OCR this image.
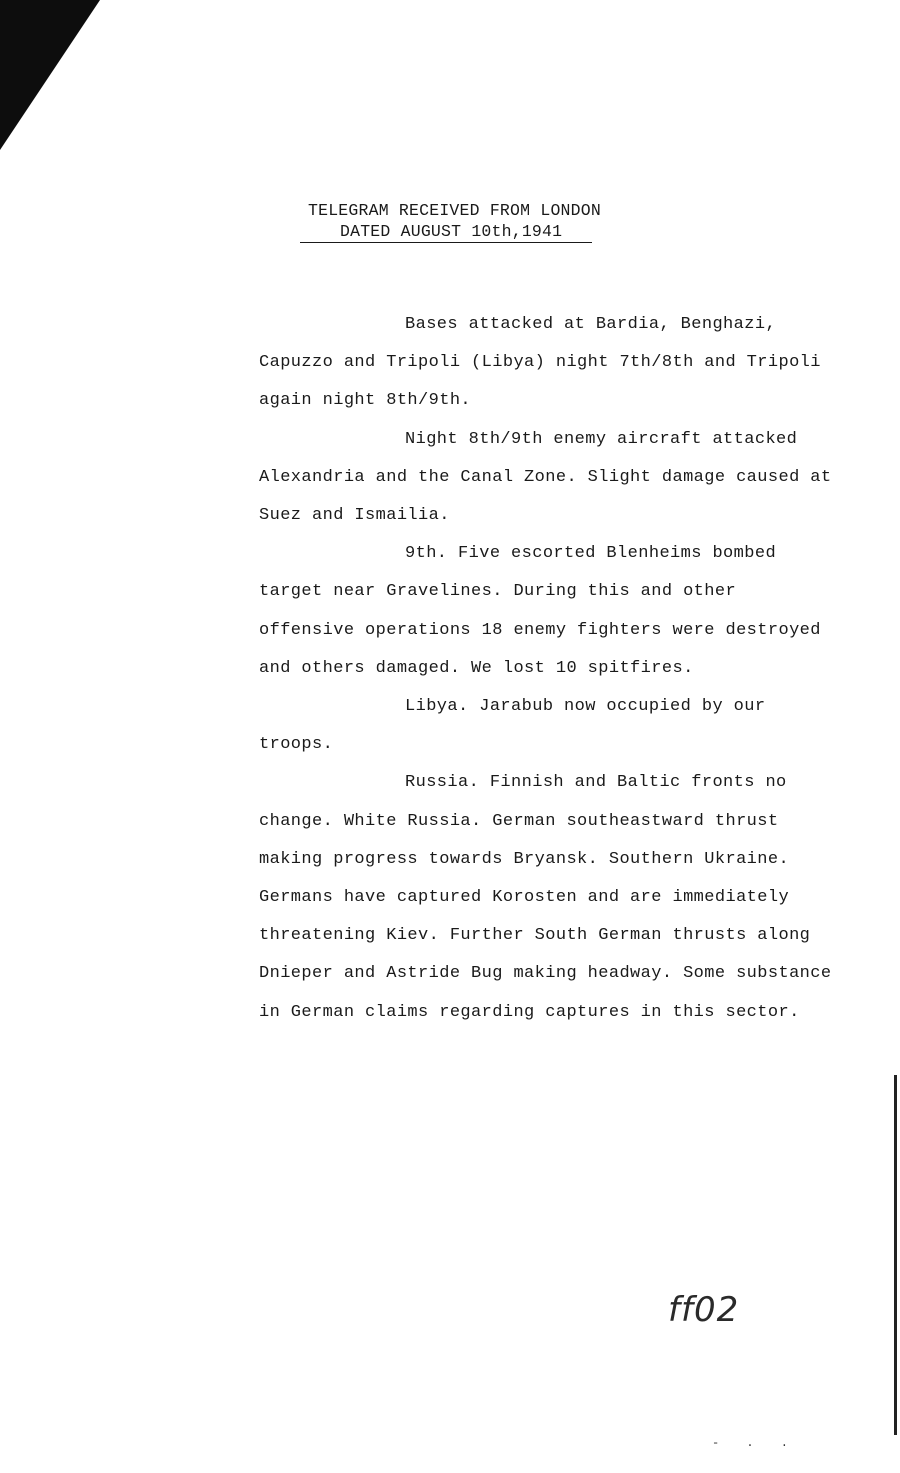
TELEGRAM RECEIVED FROM LONDON
DATED AUGUST 10th,1941

Bases attacked at Bardia, Benghazi, Capuzzo and Tripoli (Libya) night 7th/8th and Tripoli again night 8th/9th.

Night 8th/9th enemy aircraft attacked Alexandria and the Canal Zone. Slight damage caused at Suez and Ismailia.

9th. Five escorted Blenheims bombed target near Gravelines. During this and other offensive operations 18 enemy fighters were destroyed and others damaged. We lost 10 spitfires.

Libya. Jarabub now occupied by our troops.

Russia. Finnish and Baltic fronts no change. White Russia. German southeastward thrust making progress towards Bryansk. Southern Ukraine. Germans have captured Korosten and are immediately threatening Kiev. Further South German thrusts along Dnieper and Astride Bug making headway. Some substance in German claims regarding captures in this sector.

ff02
- . .
